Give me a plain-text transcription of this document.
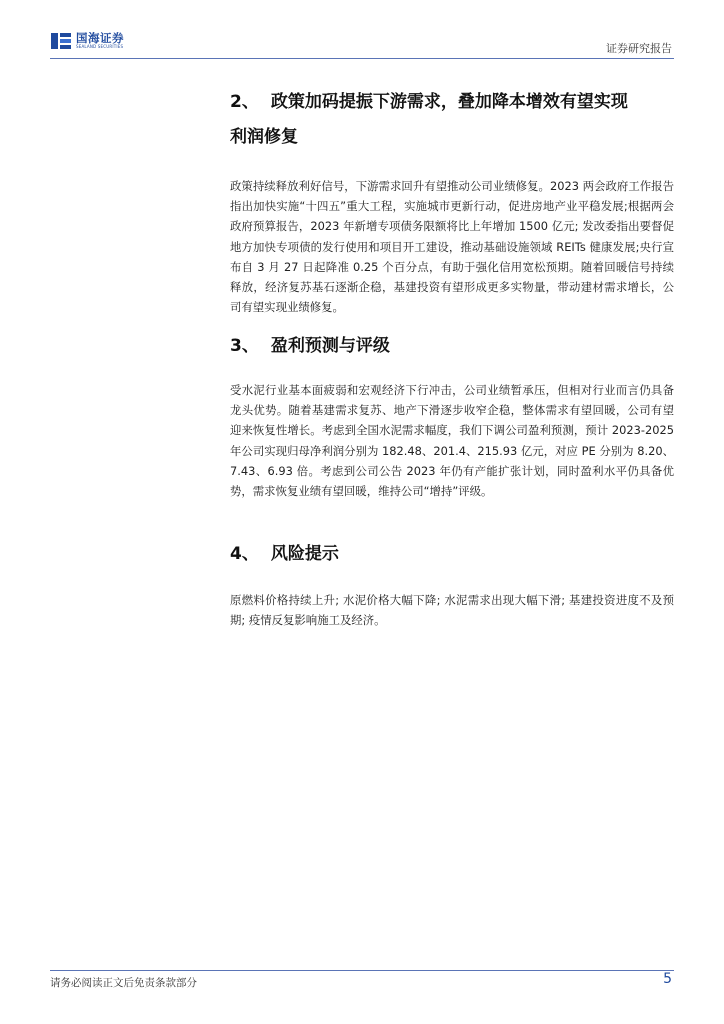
国海证券
SEALAND SECURITIES	证券研究报告
2、 政策加码提振下游需求，叠加降本增效有望实现
利润修复
政策持续释放利好信号，下游需求回升有望推动公司业绩修复。2023 两会政府工作报告指出加快实施“十四五”重大工程，实施城市更新行动，促进房地产业平稳发展;根据两会政府预算报告，2023 年新增专项债务限额将比上年增加 1500 亿元; 发改委指出要督促地方加快专项债的发行使用和项目开工建设，推动基础设施领域 REITs 健康发展;央行宣布自 3 月 27 日起降准 0.25 个百分点，有助于强化信用宽松预期。随着回暖信号持续释放，经济复苏基石逐渐企稳，基建投资有望形成更多实物量，带动建材需求增长，公司有望实现业绩修复。
3、 盈利预测与评级
受水泥行业基本面疲弱和宏观经济下行冲击，公司业绩暂承压，但相对行业而言仍具备龙头优势。随着基建需求复苏、地产下滑逐步收窄企稳，整体需求有望回暖，公司有望迎来恢复性增长。考虑到全国水泥需求幅度，我们下调公司盈利预测，预计 2023-2025 年公司实现归母净利润分别为 182.48、201.4、215.93 亿元，对应 PE 分别为 8.20、7.43、6.93 倍。考虑到公司公告 2023 年仍有产能扩张计划，同时盈利水平仍具备优势，需求恢复业绩有望回暖，维持公司“增持”评级。
4、 风险提示
原燃料价格持续上升; 水泥价格大幅下降; 水泥需求出现大幅下滑; 基建投资进度不及预期; 疫情反复影响施工及经济。
请务必阅读正文后免责条款部分	5
